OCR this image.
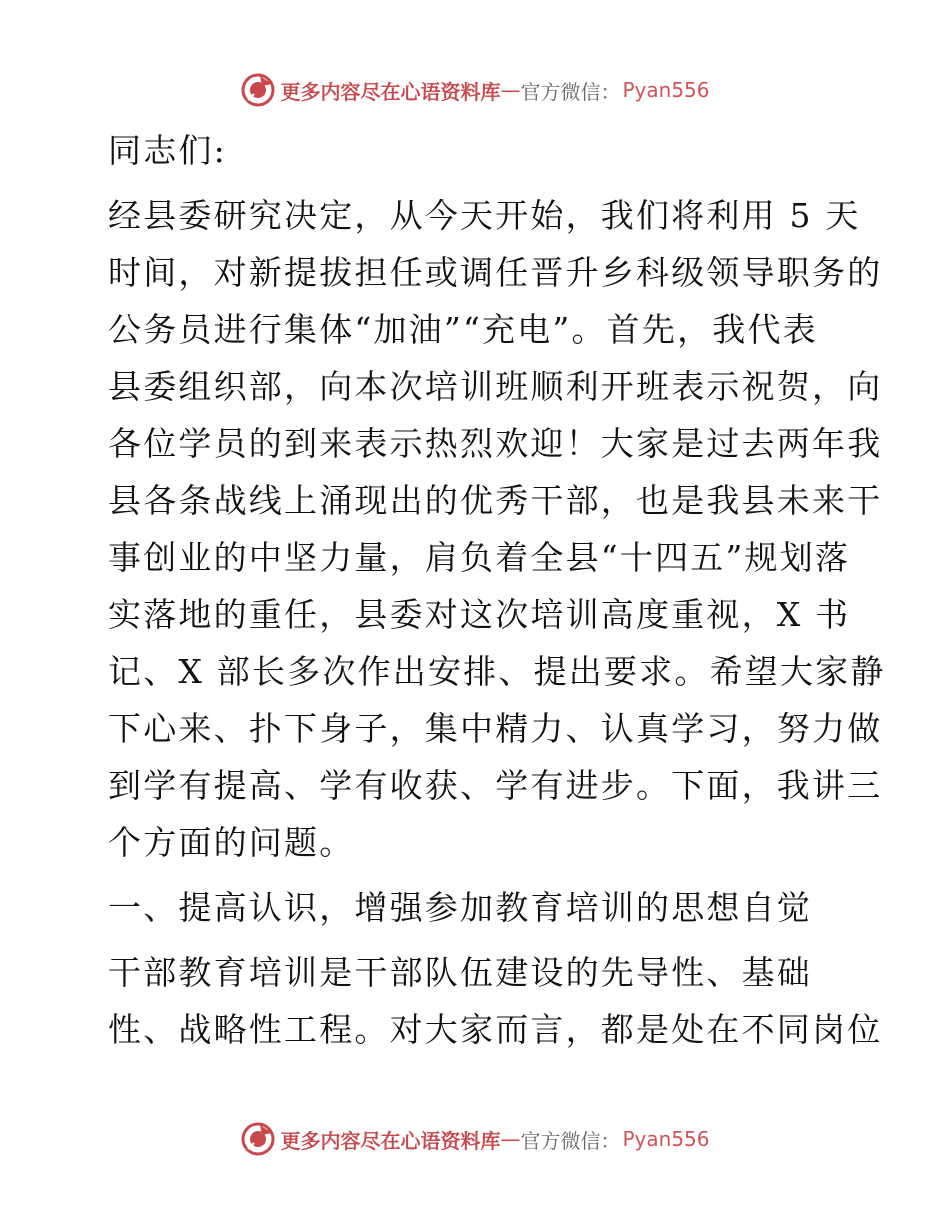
更多内容尽在心语资料库 — 官方微信： Pyan556

同志们:

经县委研究决定，从今天开始，我们将利用 5 天
时间，对新提拔担任或调任晋升乡科级领导职务的
公务员进行集体“加油”“充电”。首先，我代表
县委组织部，向本次培训班顺利开班表示祝贺，向
各位学员的到来表示热烈欢迎！大家是过去两年我
县各条战线上涌现出的优秀干部，也是我县未来干
事创业的中坚力量，肩负着全县“十四五”规划落
实落地的重任，县委对这次培训高度重视，X 书
记、X 部长多次作出安排、提出要求。希望大家静
下心来、扑下身子，集中精力、认真学习，努力做
到学有提高、学有收获、学有进步。下面，我讲三
个方面的问题。

一、提高认识，增强参加教育培训的思想自觉

干部教育培训是干部队伍建设的先导性、基础
性、战略性工程。对大家而言，都是处在不同岗位

更多内容尽在心语资料库 — 官方微信： Pyan556
